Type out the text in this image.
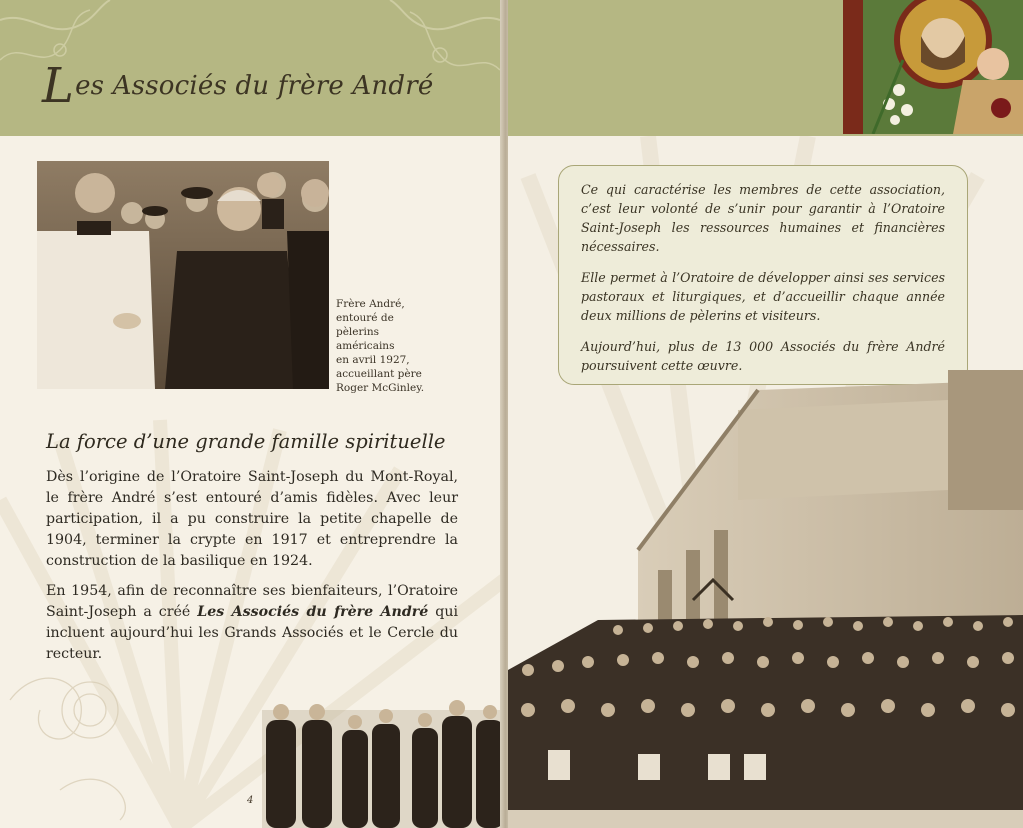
Les Associés du frère André
Frère André,
entouré de
pèlerins
américains
en avril 1927,
accueillant père
Roger McGinley.
La force d’une grande famille spirituelle

Dès l’origine de l’Oratoire Saint-Joseph du Mont-Royal, le frère André s’est entouré d’amis fidèles. Avec leur participation, il a pu construire la petite chapelle de 1904, terminer la crypte en 1917 et entreprendre la construction de la basilique en 1924.

En 1954, afin de reconnaître ses bienfaiteurs, l’Oratoire Saint-Joseph a créé Les Associés du frère André qui incluent aujourd’hui les Grands Associés et le Cercle du recteur.

4

Ce qui caractérise les membres de cette association, c’est leur volonté de s’unir pour garantir à l’Oratoire Saint-Joseph les ressources humaines et financières nécessaires.

Elle permet à l’Oratoire de développer ainsi ses services pastoraux et liturgiques, et d’accueillir chaque année deux millions de pèlerins et visiteurs.

Aujourd’hui, plus de 13 000 Associés du frère André poursuivent cette œuvre.
